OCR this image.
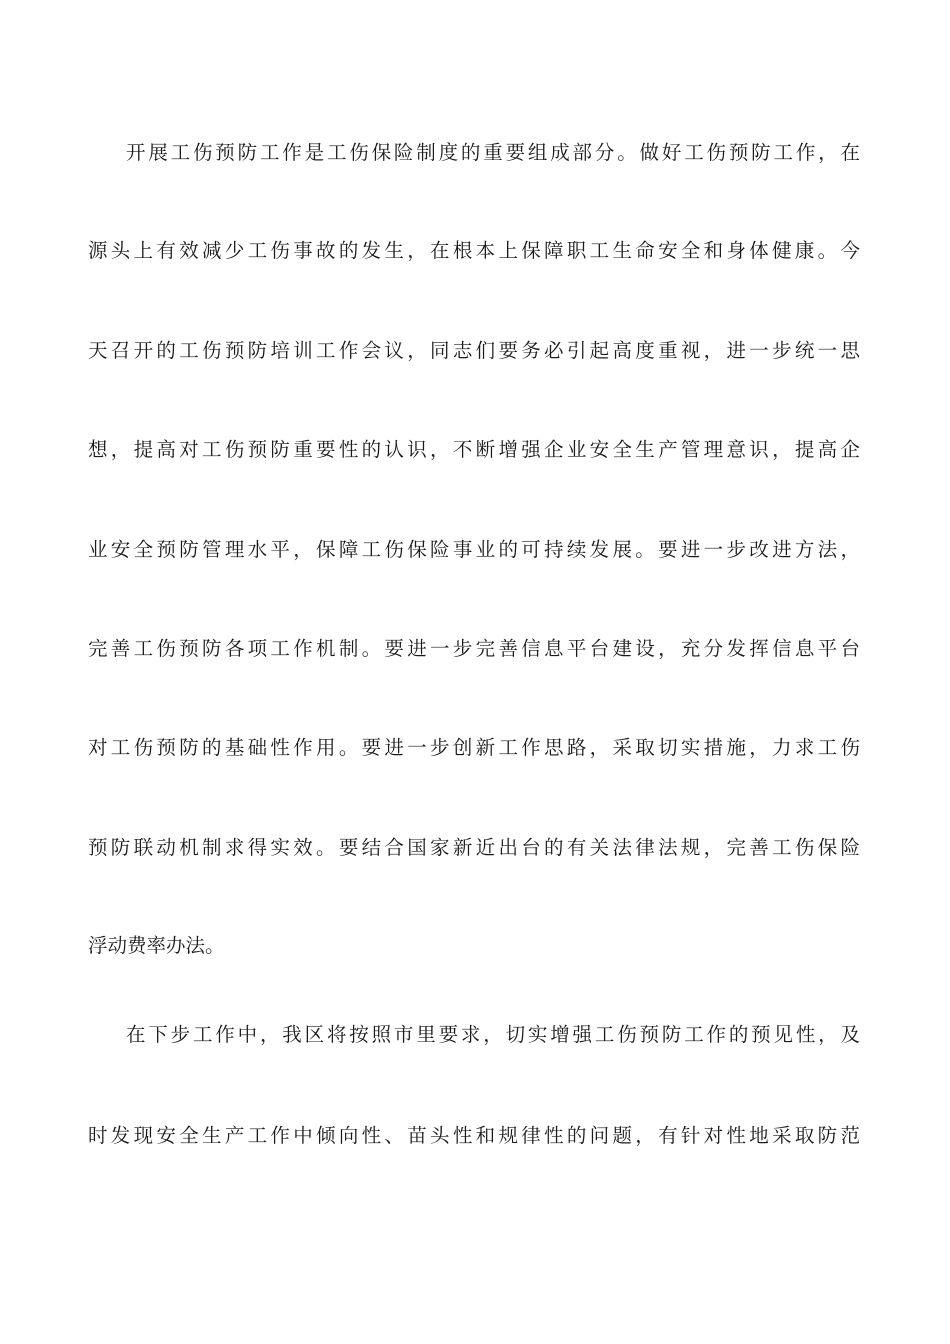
开展工伤预防工作是工伤保险制度的重要组成部分。做好工伤预防工作，在
源头上有效减少工伤事故的发生，在根本上保障职工生命安全和身体健康。今
天召开的工伤预防培训工作会议，同志们要务必引起高度重视，进一步统一思
想，提高对工伤预防重要性的认识，不断增强企业安全生产管理意识，提高企
业安全预防管理水平，保障工伤保险事业的可持续发展。要进一步改进方法，
完善工伤预防各项工作机制。要进一步完善信息平台建设，充分发挥信息平台
对工伤预防的基础性作用。要进一步创新工作思路，采取切实措施，力求工伤
预防联动机制求得实效。要结合国家新近出台的有关法律法规，完善工伤保险
浮动费率办法。
在下步工作中，我区将按照市里要求，切实增强工伤预防工作的预见性，及
时发现安全生产工作中倾向性、苗头性和规律性的问题，有针对性地采取防范
